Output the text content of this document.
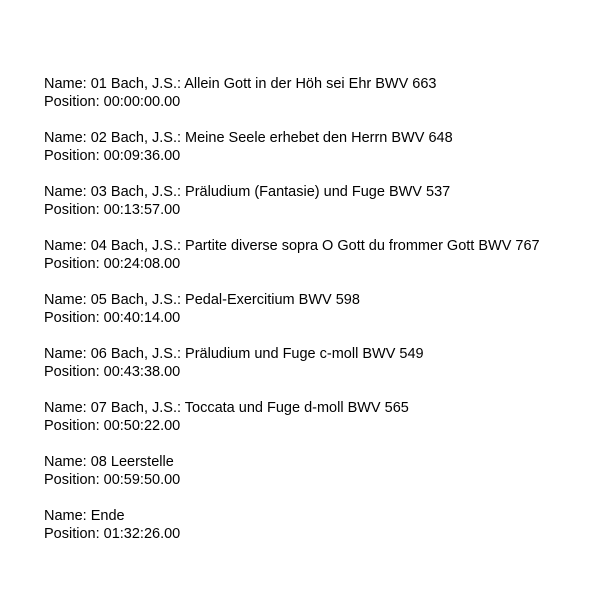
Name: 01 Bach, J.S.: Allein Gott in der Höh sei Ehr BWV 663
Position: 00:00:00.00
Name: 02 Bach, J.S.: Meine Seele erhebet den Herrn BWV 648
Position: 00:09:36.00
Name: 03 Bach, J.S.: Präludium (Fantasie) und Fuge BWV 537
Position: 00:13:57.00
Name: 04 Bach, J.S.: Partite diverse sopra O Gott du frommer Gott BWV 767
Position: 00:24:08.00
Name: 05 Bach, J.S.: Pedal-Exercitium BWV 598
Position: 00:40:14.00
Name: 06 Bach, J.S.: Präludium und Fuge c-moll BWV 549
Position: 00:43:38.00
Name: 07 Bach, J.S.: Toccata und Fuge d-moll BWV 565
Position: 00:50:22.00
Name: 08 Leerstelle
Position: 00:59:50.00
Name: Ende
Position: 01:32:26.00
